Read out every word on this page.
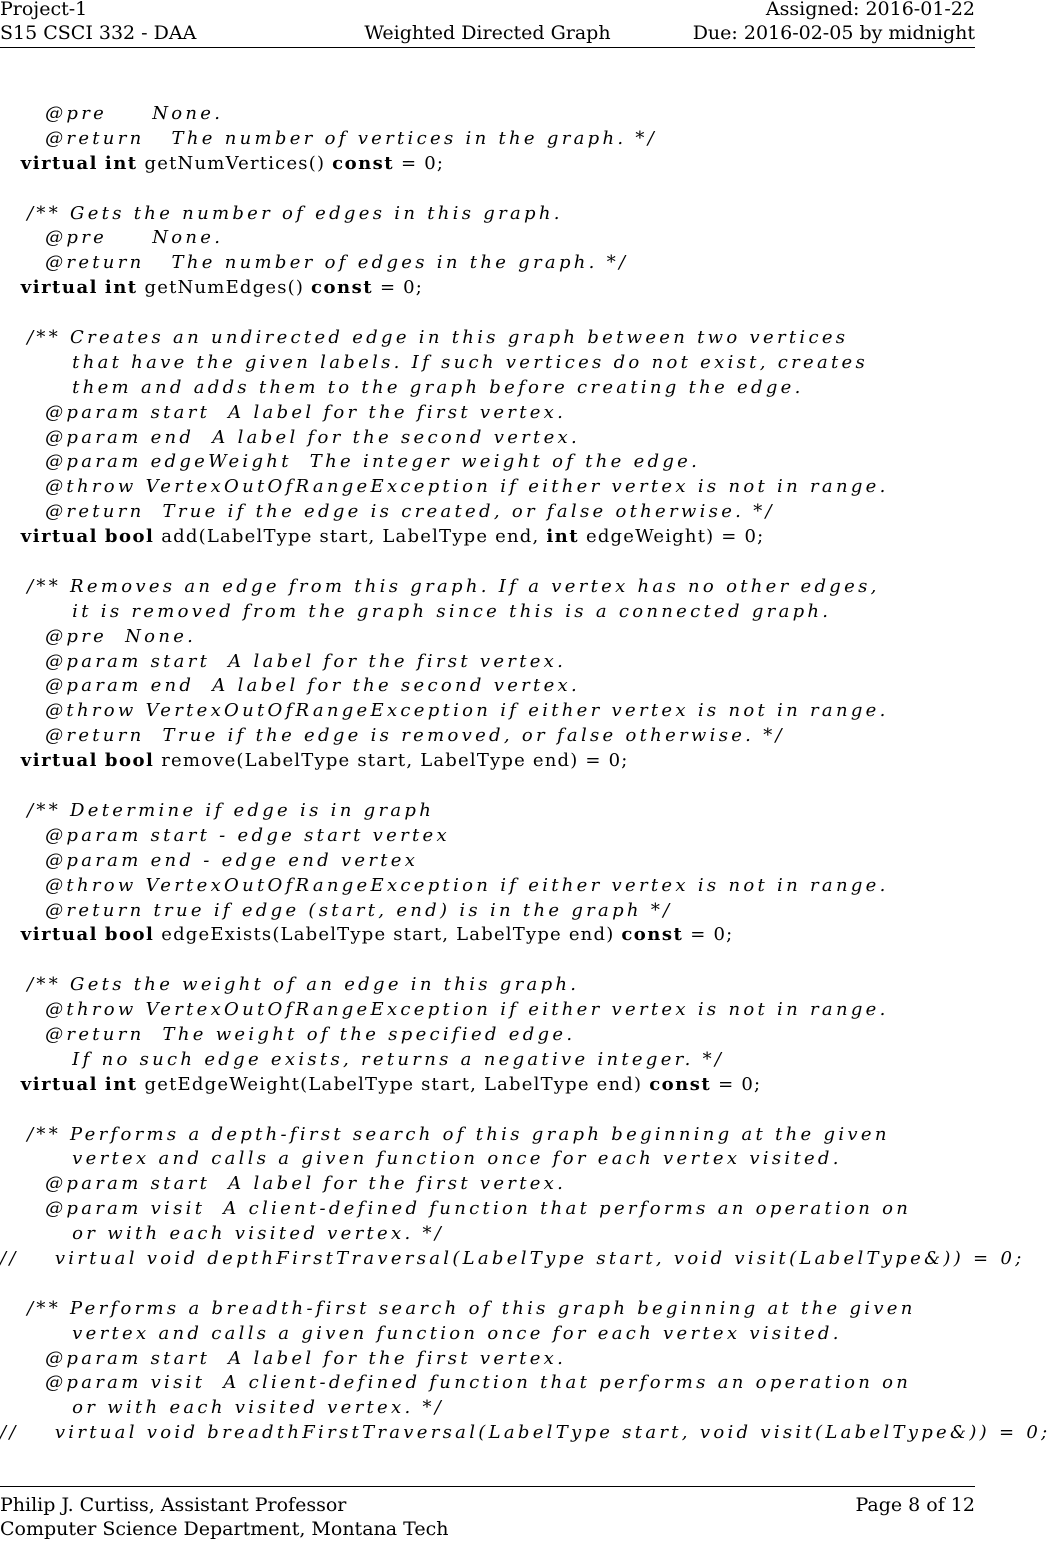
Project-1	Assigned: 2016-01-22
S15 CSCI 332 - DAA	Weighted Directed Graph	Due: 2016-02-05 by midnight
@pre     None.
@return   The number of vertices in the graph. */
virtual int getNumVertices() const = 0;
/** Gets the number of edges in this graph.
@pre     None.
@return   The number of edges in the graph. */
virtual int getNumEdges() const = 0;
/** Creates an undirected edge in this graph between two vertices
that have the given labels. If such vertices do not exist, creates
them and adds them to the graph before creating the edge.
@param start  A label for the first vertex.
@param end  A label for the second vertex.
@param edgeWeight  The integer weight of the edge.
@throw VertexOutOfRangeException if either vertex is not in range.
@return  True if the edge is created, or false otherwise. */
virtual bool add(LabelType start, LabelType end, int edgeWeight) = 0;
/** Removes an edge from this graph. If a vertex has no other edges,
it is removed from the graph since this is a connected graph.
@pre  None.
@param start  A label for the first vertex.
@param end  A label for the second vertex.
@throw VertexOutOfRangeException if either vertex is not in range.
@return  True if the edge is removed, or false otherwise. */
virtual bool remove(LabelType start, LabelType end) = 0;
/** Determine if edge is in graph
@param start - edge start vertex
@param end - edge end vertex
@throw VertexOutOfRangeException if either vertex is not in range.
@return true if edge (start, end) is in the graph */
virtual bool edgeExists(LabelType start, LabelType end) const = 0;
/** Gets the weight of an edge in this graph.
@throw VertexOutOfRangeException if either vertex is not in range.
@return  The weight of the specified edge.
If no such edge exists, returns a negative integer. */
virtual int getEdgeWeight(LabelType start, LabelType end) const = 0;
/** Performs a depth-first search of this graph beginning at the given
vertex and calls a given function once for each vertex visited.
@param start  A label for the first vertex.
@param visit  A client-defined function that performs an operation on
or with each visited vertex. */
//    virtual void depthFirstTraversal(LabelType start, void visit(LabelType&)) = 0;
/** Performs a breadth-first search of this graph beginning at the given
vertex and calls a given function once for each vertex visited.
@param start  A label for the first vertex.
@param visit  A client-defined function that performs an operation on
or with each visited vertex. */
//    virtual void breadthFirstTraversal(LabelType start, void visit(LabelType&)) = 0;
Philip J. Curtiss, Assistant Professor	Page 8 of 12
Computer Science Department, Montana Tech
